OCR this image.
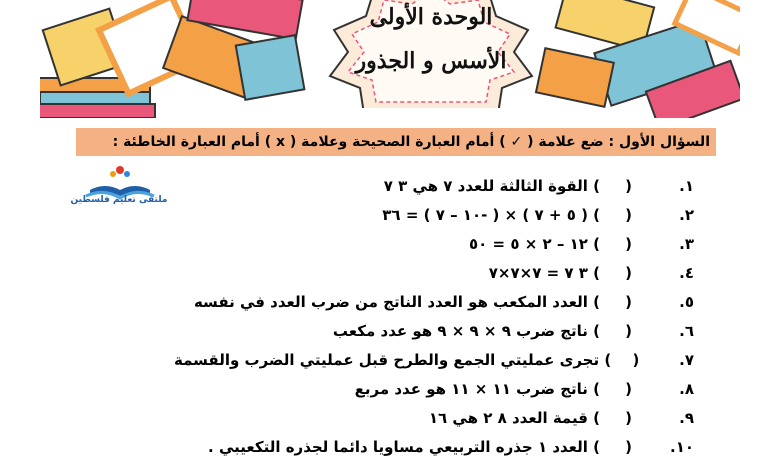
الوحدة الأولى
الأسس و الجذور
السؤال الأول : ضع علامة ( ✓ ) أمام العبارة الصحيحة وعلامة ( x ) أمام العبارة الخاطئة :
ملتقى تعليم فلسطين
١.
(
) القوة الثالثة للعدد ٧ هي ٣ ٧
٢.
(
) ( ٥ + ٧ ) × ( -١٠ – ٧ ) = ٣٦
٣.
(
) ١٢ – ٢ × ٥ = ٥٠
٤.
(
) ٣ ٧ = ٧×٧×٧
٥.
(
) العدد المكعب هو العدد الناتج من ضرب العدد في نفسه
٦.
(
) ناتج ضرب ٩ × ٩ × ٩ هو عدد مكعب
٧.
(
) تجرى عمليتي الجمع والطرح قبل عمليتي الضرب والقسمة
٨.
(
) ناتج ضرب ١١ × ١١ هو عدد مربع
٩.
(
) قيمة العدد ٨ ٢ هي ١٦
١٠.
(
) العدد ١ جذره التربيعي مساويا دائما لجذره التكعيبي .
